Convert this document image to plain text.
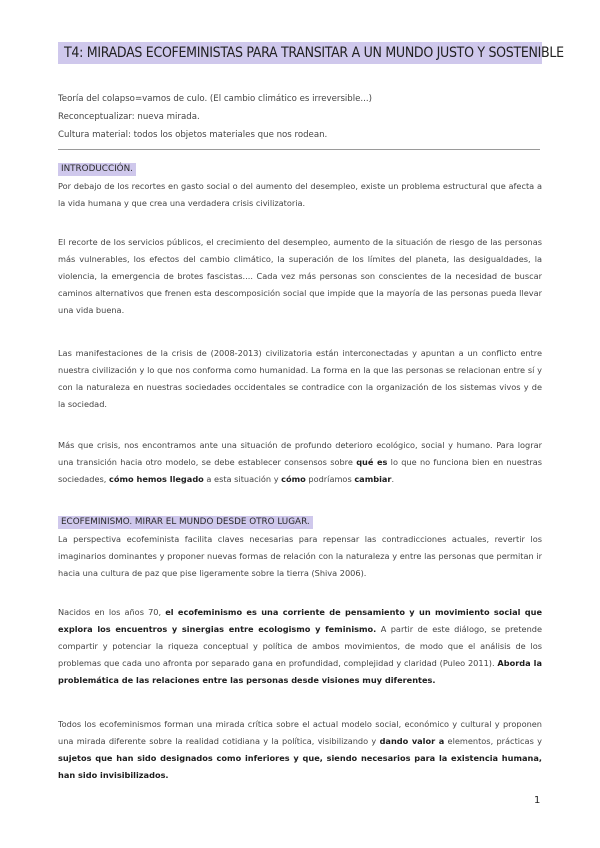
T4: MIRADAS ECOFEMINISTAS PARA TRANSITAR A UN MUNDO JUSTO Y SOSTENIBLE
Teoría del colapso=vamos de culo. (El cambio climático es irreversible...)
Reconceptualizar: nueva mirada.
Cultura material: todos los objetos materiales que nos rodean.
INTRODUCCIÓN.
Por debajo de los recortes en gasto social o del aumento del desempleo, existe un problema estructural que afecta a la vida humana y que crea una verdadera crisis civilizatoria.
El recorte de los servicios públicos, el crecimiento del desempleo, aumento de la situación de riesgo de las personas más vulnerables, los efectos del cambio climático, la superación de los límites del planeta, las desigualdades, la violencia, la emergencia de brotes fascistas.... Cada vez más personas son conscientes de la necesidad de buscar caminos alternativos que frenen esta descomposición social que impide que la mayoría de las personas pueda llevar una vida buena.
Las manifestaciones de la crisis de (2008-2013) civilizatoria están interconectadas y apuntan a un conflicto entre nuestra civilización y lo que nos conforma como humanidad. La forma en la que las personas se relacionan entre sí y con la naturaleza en nuestras sociedades occidentales se contradice con la organización de los sistemas vivos y de la sociedad.
Más que crisis, nos encontramos ante una situación de profundo deterioro ecológico, social y humano. Para lograr una transición hacia otro modelo, se debe establecer consensos sobre qué es lo que no funciona bien en nuestras sociedades, cómo hemos llegado a esta situación y cómo podríamos cambiar.
ECOFEMINISMO. MIRAR EL MUNDO DESDE OTRO LUGAR.
La perspectiva ecofeminista facilita claves necesarias para repensar las contradicciones actuales, revertir los imaginarios dominantes y proponer nuevas formas de relación con la naturaleza y entre las personas que permitan ir hacia una cultura de paz que pise ligeramente sobre la tierra (Shiva 2006).
Nacidos en los años 70, el ecofeminismo es una corriente de pensamiento y un movimiento social que explora los encuentros y sinergias entre ecologismo y feminismo. A partir de este diálogo, se pretende compartir y potenciar la riqueza conceptual y política de ambos movimientos, de modo que el análisis de los problemas que cada uno afronta por separado gana en profundidad, complejidad y claridad (Puleo 2011). Aborda la problemática de las relaciones entre las personas desde visiones muy diferentes.
Todos los ecofeminismos forman una mirada crítica sobre el actual modelo social, económico y cultural y proponen una mirada diferente sobre la realidad cotidiana y la política, visibilizando y dando valor a elementos, prácticas y sujetos que han sido designados como inferiores y que, siendo necesarios para la existencia humana, han sido invisibilizados.
1
